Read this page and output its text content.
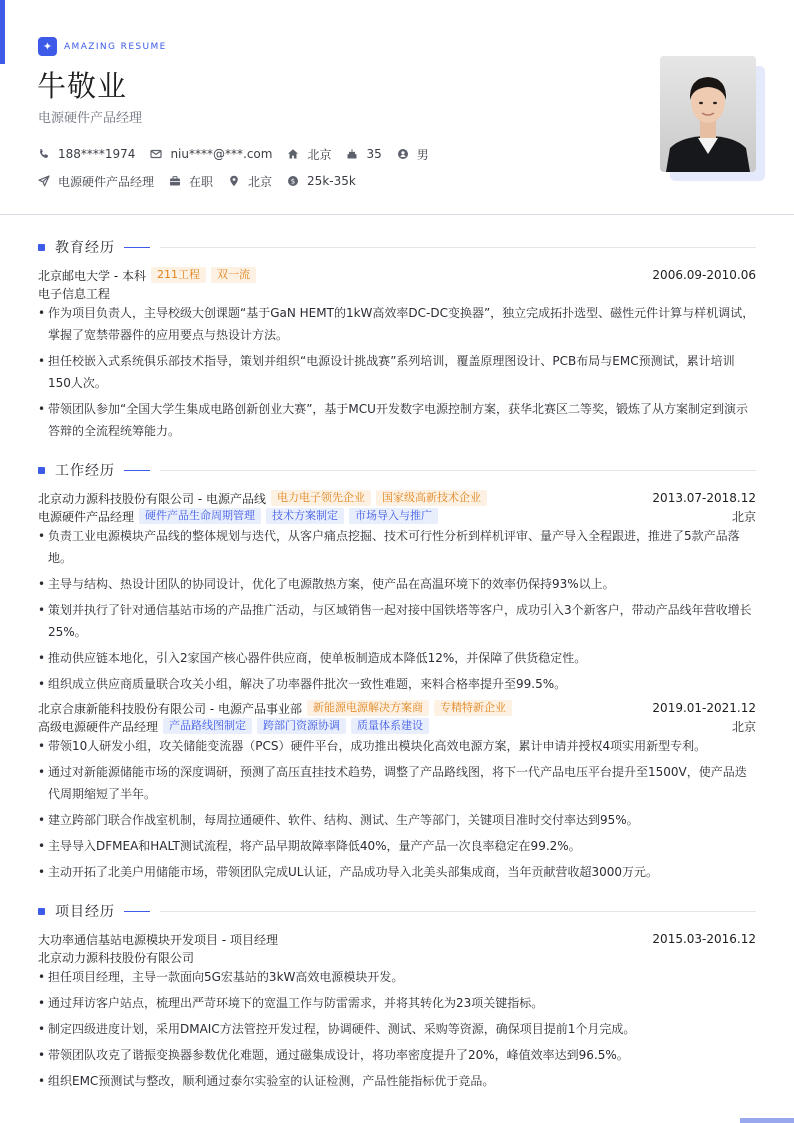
✦	AMAZING RESUME
牛敬业
电源硬件产品经理
188****1974	niu****@***.com	北京	35	男
电源硬件产品经理	在职	北京	$ 25k-35k
教育经历
北京邮电大学 - 本科	211工程	双一流	2006.09-2010.06
电子信息工程
• 作为项目负责人，主导校级大创课题“基于GaN HEMT的1kW高效率DC-DC变换器”，独立完成拓扑选型、磁性元件计算与样机调试，掌握了宽禁带器件的应用要点与热设计方法。
• 担任校嵌入式系统俱乐部技术指导，策划并组织“电源设计挑战赛”系列培训，覆盖原理图设计、PCB布局与EMC预测试，累计培训150人次。
• 带领团队参加“全国大学生集成电路创新创业大赛”，基于MCU开发数字电源控制方案，获华北赛区二等奖，锻炼了从方案制定到演示答辩的全流程统筹能力。
工作经历
北京动力源科技股份有限公司 - 电源产品线	电力电子领先企业	国家级高新技术企业	2013.07-2018.12
电源硬件产品经理	硬件产品生命周期管理	技术方案制定	市场导入与推广	北京
• 负责工业电源模块产品线的整体规划与迭代，从客户痛点挖掘、技术可行性分析到样机评审、量产导入全程跟进，推进了5款产品落地。
• 主导与结构、热设计团队的协同设计，优化了电源散热方案，使产品在高温环境下的效率仍保持93%以上。
• 策划并执行了针对通信基站市场的产品推广活动，与区域销售一起对接中国铁塔等客户，成功引入3个新客户，带动产品线年营收增长25%。
• 推动供应链本地化，引入2家国产核心器件供应商，使单板制造成本降低12%，并保障了供货稳定性。
• 组织成立供应商质量联合攻关小组，解决了功率器件批次一致性难题，来料合格率提升至99.5%。
北京合康新能科技股份有限公司 - 电源产品事业部	新能源电源解决方案商	专精特新企业	2019.01-2021.12
高级电源硬件产品经理	产品路线图制定	跨部门资源协调	质量体系建设	北京
• 带领10人研发小组，攻关储能变流器（PCS）硬件平台，成功推出模块化高效电源方案，累计申请并授权4项实用新型专利。
• 通过对新能源储能市场的深度调研，预测了高压直挂技术趋势，调整了产品路线图，将下一代产品电压平台提升至1500V，使产品迭代周期缩短了半年。
• 建立跨部门联合作战室机制，每周拉通硬件、软件、结构、测试、生产等部门，关键项目准时交付率达到95%。
• 主导导入DFMEA和HALT测试流程，将产品早期故障率降低40%，量产产品一次良率稳定在99.2%。
• 主动开拓了北美户用储能市场，带领团队完成UL认证，产品成功导入北美头部集成商，当年贡献营收超3000万元。
项目经历
大功率通信基站电源模块开发项目 - 项目经理	2015.03-2016.12
北京动力源科技股份有限公司
• 担任项目经理，主导一款面向5G宏基站的3kW高效电源模块开发。
• 通过拜访客户站点，梳理出严苛环境下的宽温工作与防雷需求，并将其转化为23项关键指标。
• 制定四级进度计划，采用DMAIC方法管控开发过程，协调硬件、测试、采购等资源，确保项目提前1个月完成。
• 带领团队攻克了谐振变换器参数优化难题，通过磁集成设计，将功率密度提升了20%，峰值效率达到96.5%。
• 组织EMC预测试与整改，顺利通过泰尔实验室的认证检测，产品性能指标优于竞品。
